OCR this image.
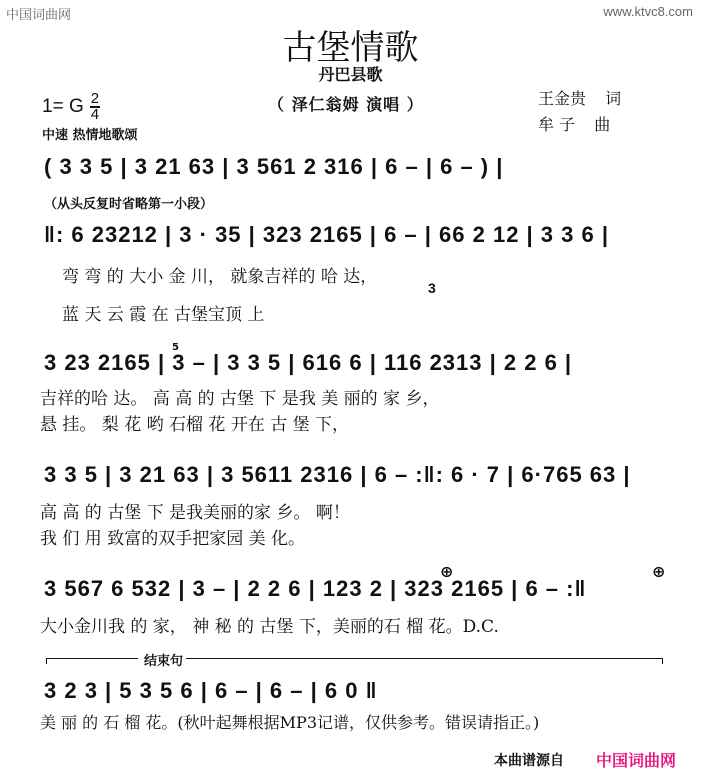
中国词曲网	www.ktvc8.com
古堡情歌
丹巴县歌
（ 泽仁翁姆 演唱 ）
1= G $\frac{2}{4}$
中速 热情地歌颂
王金贵 词
牟 子 曲
( 3 3 5 | 3 21 63 | 3 561 2 316 | 6 – | 6 – ) |
（从头反复时省略第一小段）
‖: 6 23212 | 3 · 35 | 323 2165 | 6 – | 66 2 12 | 3 3 6 |
弯 弯 的 大小 金 川， 就象吉祥的 哈 达，
3
蓝 天 云 霞 在 古堡宝顶 上
3 23 2165 | 3 – | 3 3 5 | 616 6 | 116 2313 | 2 2 6 |
5
吉祥的哈 达。 高 高 的 古堡 下 是我 美 丽的 家 乡，
悬 挂。 梨 花 哟 石榴 花 开在 古 堡 下，
3 3 5 | 3 21 63 | 3 5611 2316 | 6 – :‖: 6 · 7 | 6·765 63 |
高 高 的 古堡 下 是我美丽的家 乡。 啊！
我 们 用 致富的双手把家园 美 化。
⊕	⊕
3 567 6 532 | 3 – | 2 2 6 | 123 2 | 323 2165 | 6 – :‖
大小金川我 的 家， 神 秘 的 古堡 下，美丽的石 榴 花。D.C.
结束句
3 2 3 | 5 3 5 6 | 6 – | 6 – | 6 0 ‖
美 丽 的 石 榴 花。(秋叶起舞根据MP3记谱，仅供参考。错误请指正。)
本曲谱源自 中国词曲网
